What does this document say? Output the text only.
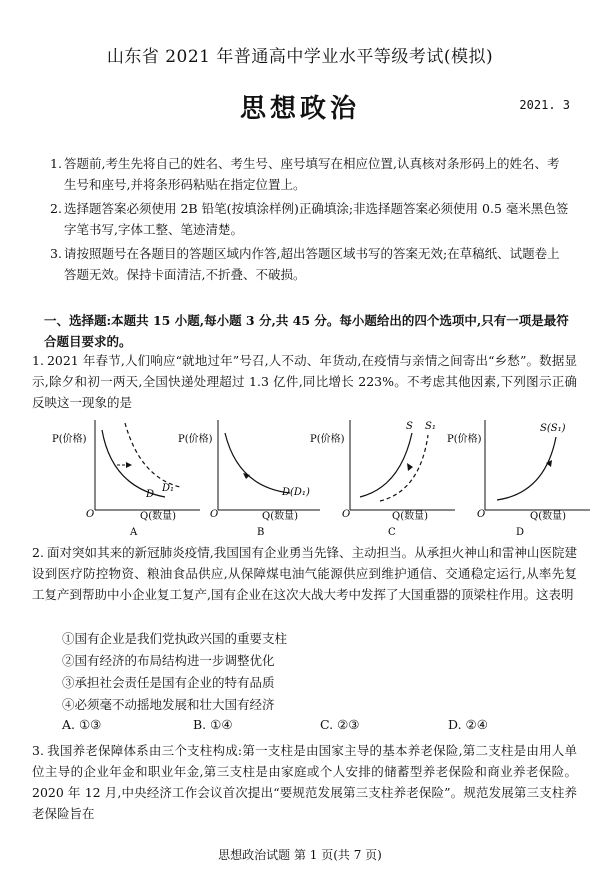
山东省 2021 年普通高中学业水平等级考试(模拟)
思想政治	2021. 3
1. 答题前,考生先将自己的姓名、考生号、座号填写在相应位置,认真核对条形码上的姓名、考生号和座号,并将条形码粘贴在指定位置上。
2. 选择题答案必须使用 2B 铅笔(按填涂样例)正确填涂;非选择题答案必须使用 0.5 毫米黑色签字笔书写,字体工整、笔迹清楚。
3. 请按照题号在各题目的答题区域内作答,超出答题区域书写的答案无效;在草稿纸、试题卷上答题无效。保持卡面清洁,不折叠、不破损。
一、选择题:本题共 15 小题,每小题 3 分,共 45 分。每小题给出的四个选项中,只有一项是最符合题目要求的。
1. 2021 年春节,人们响应“就地过年”号召,人不动、年货动,在疫情与亲情之间寄出“乡愁”。数据显示,除夕和初一两天,全国快递处理超过 1.3 亿件,同比增长 223%。不考虑其他因素,下列图示正确反映这一现象的是
P(价格)
O	Q(数量)
D
D₁
A
P(价格)
O	Q(数量)
D(D₁)
B
P(价格)
O	Q(数量)
S S₁
C
P(价格)
O	Q(数量)
S(S₁)
D
2. 面对突如其来的新冠肺炎疫情,我国国有企业勇当先锋、主动担当。从承担火神山和雷神山医院建设到医疗防控物资、粮油食品供应,从保障煤电油气能源供应到维护通信、交通稳定运行,从率先复工复产到帮助中小企业复工复产,国有企业在这次大战大考中发挥了大国重器的顶梁柱作用。这表明
①国有企业是我们党执政兴国的重要支柱
②国有经济的布局结构进一步调整优化
③承担社会责任是国有企业的特有品质
④必须毫不动摇地发展和壮大国有经济
A. ①③	B. ①④	C. ②③	D. ②④
3. 我国养老保障体系由三个支柱构成:第一支柱是由国家主导的基本养老保险,第二支柱是由用人单位主导的企业年金和职业年金,第三支柱是由家庭或个人安排的储蓄型养老保险和商业养老保险。2020 年 12 月,中央经济工作会议首次提出“要规范发展第三支柱养老保险”。规范发展第三支柱养老保险旨在
思想政治试题 第 1 页(共 7 页)
